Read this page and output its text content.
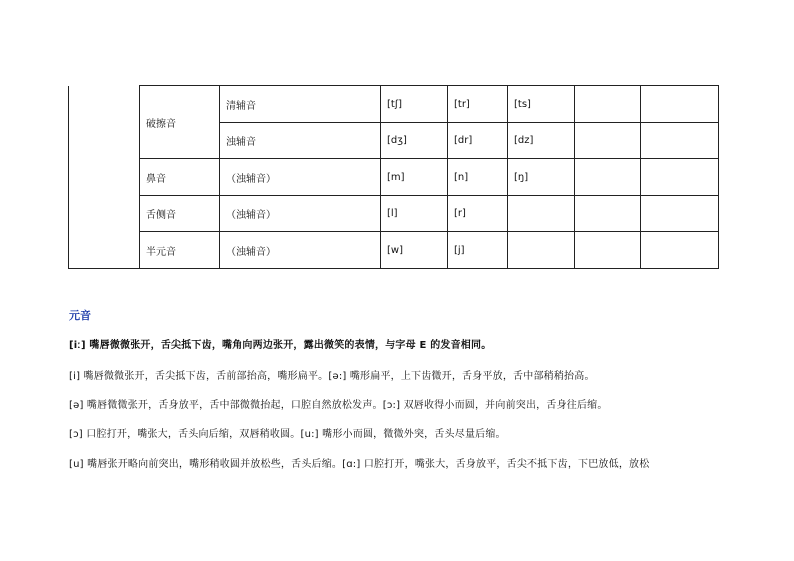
	破擦音	清辅音	[tʃ]	[tr]	[ts]		
		浊辅音	[dʒ]	[dr]	[dz]		
	鼻音	（浊辅音）	[m]	[n]	[ŋ]		
	舌侧音	（浊辅音）	[l]	[r]			
	半元音	（浊辅音）	[w]	[j]			
元音
[iː] 嘴唇微微张开，舌尖抵下齿，嘴角向两边张开，露出微笑的表情，与字母 E 的发音相同。
[i] 嘴唇微微张开，舌尖抵下齿，舌前部抬高，嘴形扁平。[ə:] 嘴形扁平，上下齿微开，舌身平放，舌中部稍稍抬高。
[ə] 嘴唇微微张开，舌身放平，舌中部微微抬起，口腔自然放松发声。[ɔ:] 双唇收得小而圆，并向前突出，舌身往后缩。
[ɔ] 口腔打开，嘴张大，舌头向后缩，双唇稍收圆。[u:] 嘴形小而圆，微微外突，舌头尽量后缩。
[u] 嘴唇张开略向前突出，嘴形稍收圆并放松些，舌头后缩。[ɑ:] 口腔打开，嘴张大，舌身放平，舌尖不抵下齿，下巴放低，放松
